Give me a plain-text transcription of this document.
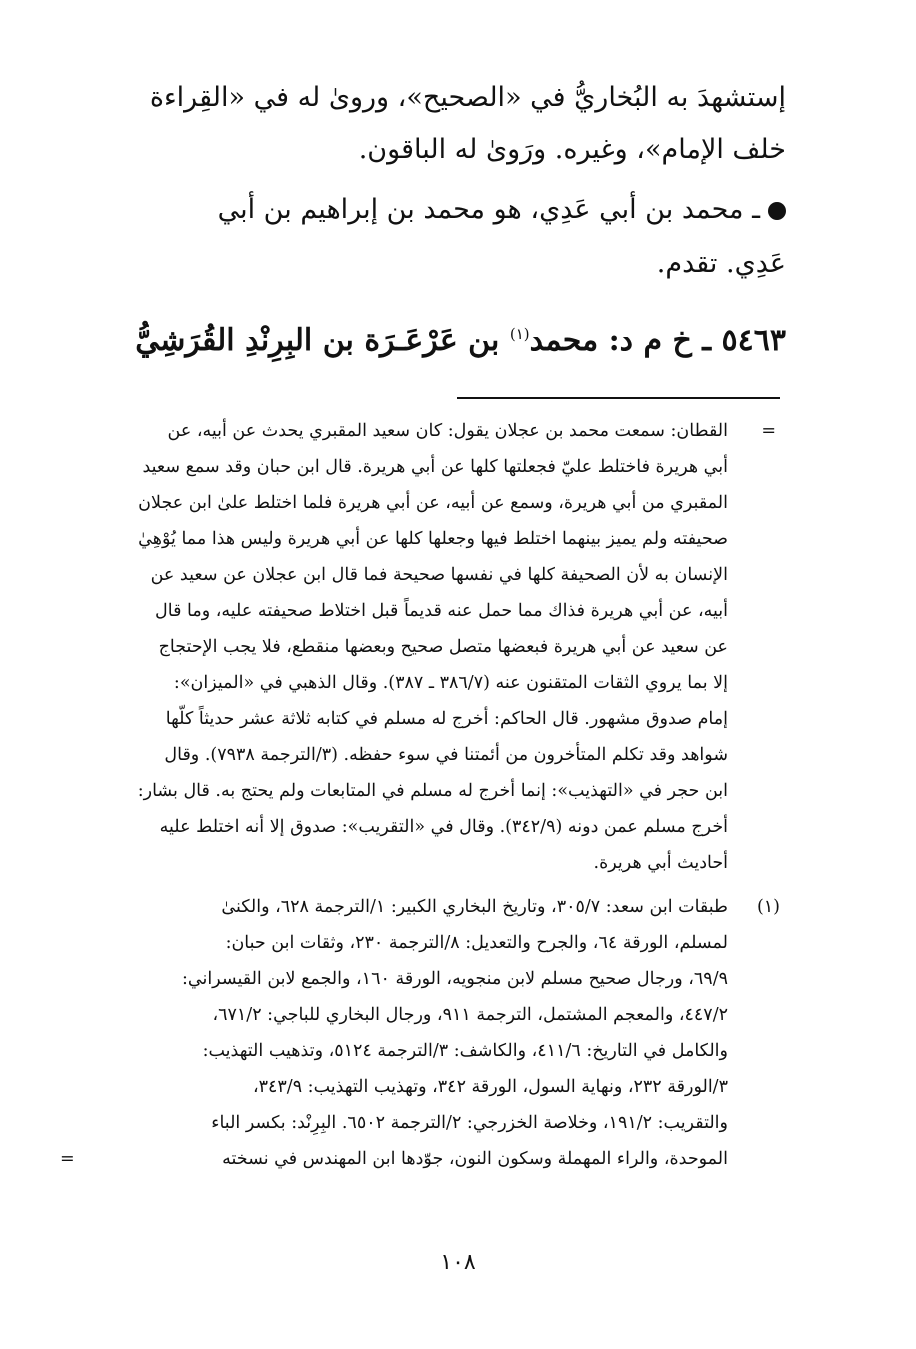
إستشهدَ به البُخاريُّ في «الصحيح»، وروىٰ له في «القِراءة
خلف الإمام»، وغيره. ورَوىٰ له الباقون.
ـ محمد بن أبي عَدِي، هو محمد بن إبراهيم بن أبي
عَدِي. تقدم.
٥٤٦٣ ـ خ م د: محمد$^{(١)}$ بن عَرْعَـرَة بن البِرِنْدِ القُرَشِيُّ
=
القطان: سمعت محمد بن عجلان يقول: كان سعيد المقبري يحدث عن أبيه، عن
أبي هريرة فاختلط عليّ فجعلتها كلها عن أبي هريرة. قال ابن حبان وقد سمع سعيد
المقبري من أبي هريرة، وسمع عن أبيه، عن أبي هريرة فلما اختلط علىٰ ابن عجلان
صحيفته ولم يميز بينهما اختلط فيها وجعلها كلها عن أبي هريرة وليس هذا مما يُوْهِيٰ
الإنسان به لأن الصحيفة كلها في نفسها صحيحة فما قال ابن عجلان عن سعيد عن
أبيه، عن أبي هريرة فذاك مما حمل عنه قديماً قبل اختلاط صحيفته عليه، وما قال
عن سعيد عن أبي هريرة فبعضها متصل صحيح وبعضها منقطع، فلا يجب الإحتجاج
إلا بما يروي الثقات المتقنون عنه (٣٨٦/٧ ـ ٣٨٧). وقال الذهبي في «الميزان»:
إمام صدوق مشهور. قال الحاكم: أخرج له مسلم في كتابه ثلاثة عشر حديثاً كلّها
شواهد وقد تكلم المتأخرون من أئمتنا في سوء حفظه. (٣/الترجمة ٧٩٣٨). وقال
ابن حجر في «التهذيب»: إنما أخرج له مسلم في المتابعات ولم يحتج به. قال بشار:
أخرج مسلم عمن دونه (٣٤٢/٩). وقال في «التقريب»: صدوق إلا أنه اختلط عليه
أحاديث أبي هريرة.
(١)
طبقات ابن سعد: ٣٠٥/٧، وتاريخ البخاري الكبير: ١/الترجمة ٦٢٨، والكنىٰ
لمسلم، الورقة ٦٤، والجرح والتعديل: ٨/الترجمة ٢٣٠، وثقات ابن حبان:
٦٩/٩، ورجال صحيح مسلم لابن منجويه، الورقة ١٦٠، والجمع لابن القيسراني:
٤٤٧/٢، والمعجم المشتمل، الترجمة ٩١١، ورجال البخاري للباجي: ٦٧١/٢،
والكامل في التاريخ: ٤١١/٦، والكاشف: ٣/الترجمة ٥١٢٤، وتذهيب التهذيب:
٣/الورقة ٢٣٢، ونهاية السول، الورقة ٣٤٢، وتهذيب التهذيب: ٣٤٣/٩،
والتقريب: ١٩١/٢، وخلاصة الخزرجي: ٢/الترجمة ٦٥٠٢. البِرِنْد: بكسر الباء
الموحدة، والراء المهملة وسكون النون، جوّدها ابن المهندس في نسخته
=
١٠٨
